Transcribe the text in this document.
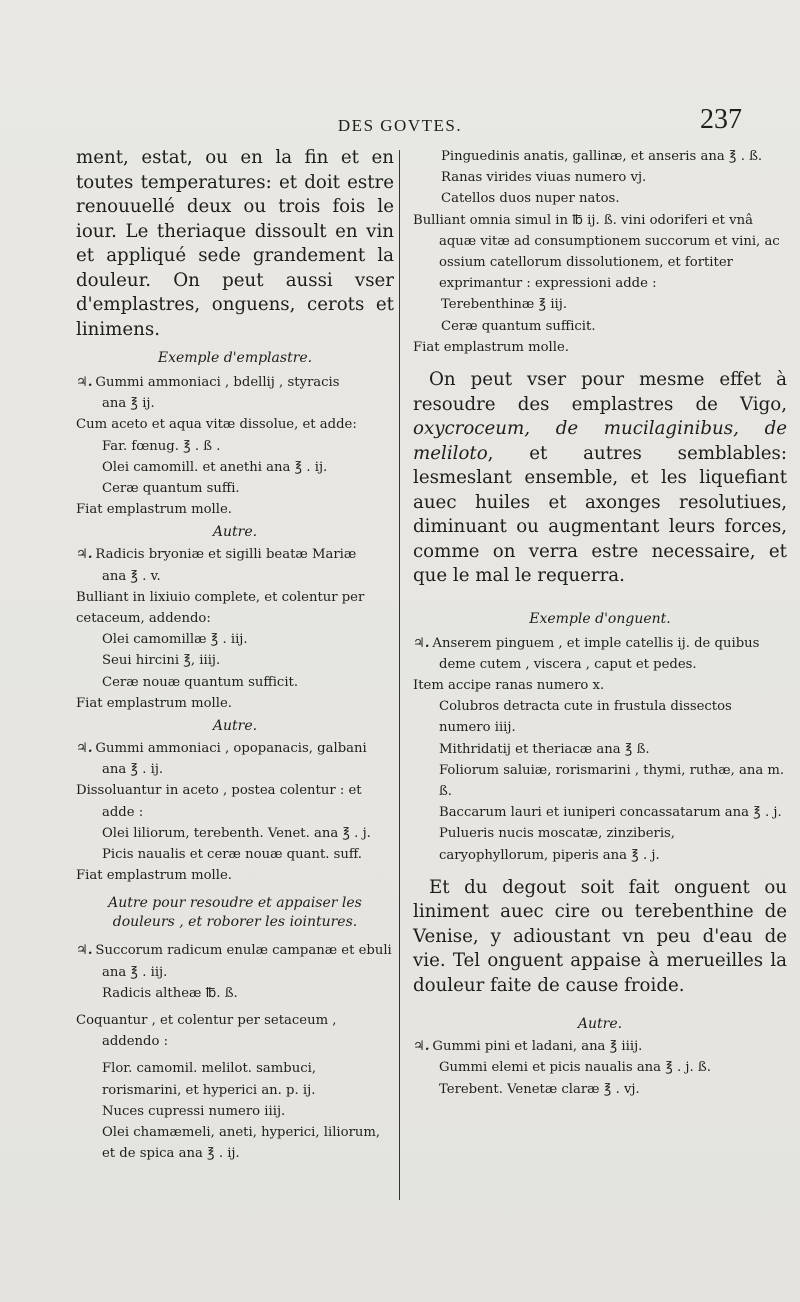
DES GOVTES.	237

ment, estat, ou en la fin et en toutes temperatures: et doit estre renouuellé deux ou trois fois le iour. Le theriaque dissoult en vin et appliqué sede grandement la douleur. On peut aussi vser d'emplastres, onguens, cerots et linimens.

Exemple d'emplastre.

♃. Gummi ammoniaci , bdellij , styracis

ana ℥ ij.

Cum aceto et aqua vitæ dissolue, et adde:

Far. fœnug. ℥ . ß .

Olei camomill. et anethi ana ℥ . ij.

Ceræ quantum suffi.

Fiat emplastrum molle.

Autre.

♃. Radicis bryoniæ et sigilli beatæ Mariæ

ana ℥ . v.

Bulliant in lixiuio complete, et colentur per cetaceum, addendo:

Olei camomillæ ℥ . iij.

Seui hircini ℥, iiij.

Ceræ nouæ quantum sufficit.

Fiat emplastrum molle.

Autre.

♃. Gummi ammoniaci , opopanacis, galbani ana ℥ . ij.

Dissoluantur in aceto , postea colentur : et adde :

Olei liliorum, terebenth. Venet. ana ℥ . j.

Picis naualis et ceræ nouæ quant. suff.

Fiat emplastrum molle.

Autre pour resoudre et appaiser les douleurs , et roborer les iointures.

♃. Succorum radicum enulæ campanæ et ebuli ana ℥ . iij.

Radicis altheæ ℔. ß.

Coquantur , et colentur per setaceum , addendo :

Flor. camomil. melilot. sambuci, rorismarini, et hyperici an. p. ij.

Nuces cupressi numero iiij.

Olei chamæmeli, aneti, hyperici, liliorum, et de spica ana ℥ . ij.

Pinguedinis anatis, gallinæ, et anseris ana ℥ . ß.

Ranas virides viuas numero vj.

Catellos duos nuper natos.

Bulliant omnia simul in ℔ ij. ß. vini odoriferi et vnâ aquæ vitæ ad consumptionem succorum et vini, ac ossium catellorum dissolutionem, et fortiter exprimantur : expressioni adde :

Terebenthinæ ℥ iij.

Ceræ quantum sufficit.

Fiat emplastrum molle.

On peut vser pour mesme effet à resoudre des emplastres de Vigo, oxycroceum, de mucilaginibus, de meliloto, et autres semblables: lesmeslant ensemble, et les liquefiant auec huiles et axonges resolutiues, diminuant ou augmentant leurs forces, comme on verra estre necessaire, et que le mal le requerra.

Exemple d'onguent.

♃. Anserem pinguem , et imple catellis ij. de quibus deme cutem , viscera , caput et pedes.

Item accipe ranas numero x.

Colubros detracta cute in frustula dissectos numero iiij.

Mithridatij et theriacæ ana ℥ ß.

Foliorum saluiæ, rorismarini , thymi, ruthæ, ana m. ß.

Baccarum lauri et iuniperi concassatarum ana ℥ . j.

Pulueris nucis moscatæ, zinziberis, caryophyllorum, piperis ana ℥ . j.

Et du degout soit fait onguent ou liniment auec cire ou terebenthine de Venise, y adioustant vn peu d'eau de vie. Tel onguent appaise à merueilles la douleur faite de cause froide.

Autre.

♃. Gummi pini et ladani, ana ℥ iiij.

Gummi elemi et picis naualis ana ℥ . j. ß.

Terebent. Venetæ claræ ℥ . vj.
